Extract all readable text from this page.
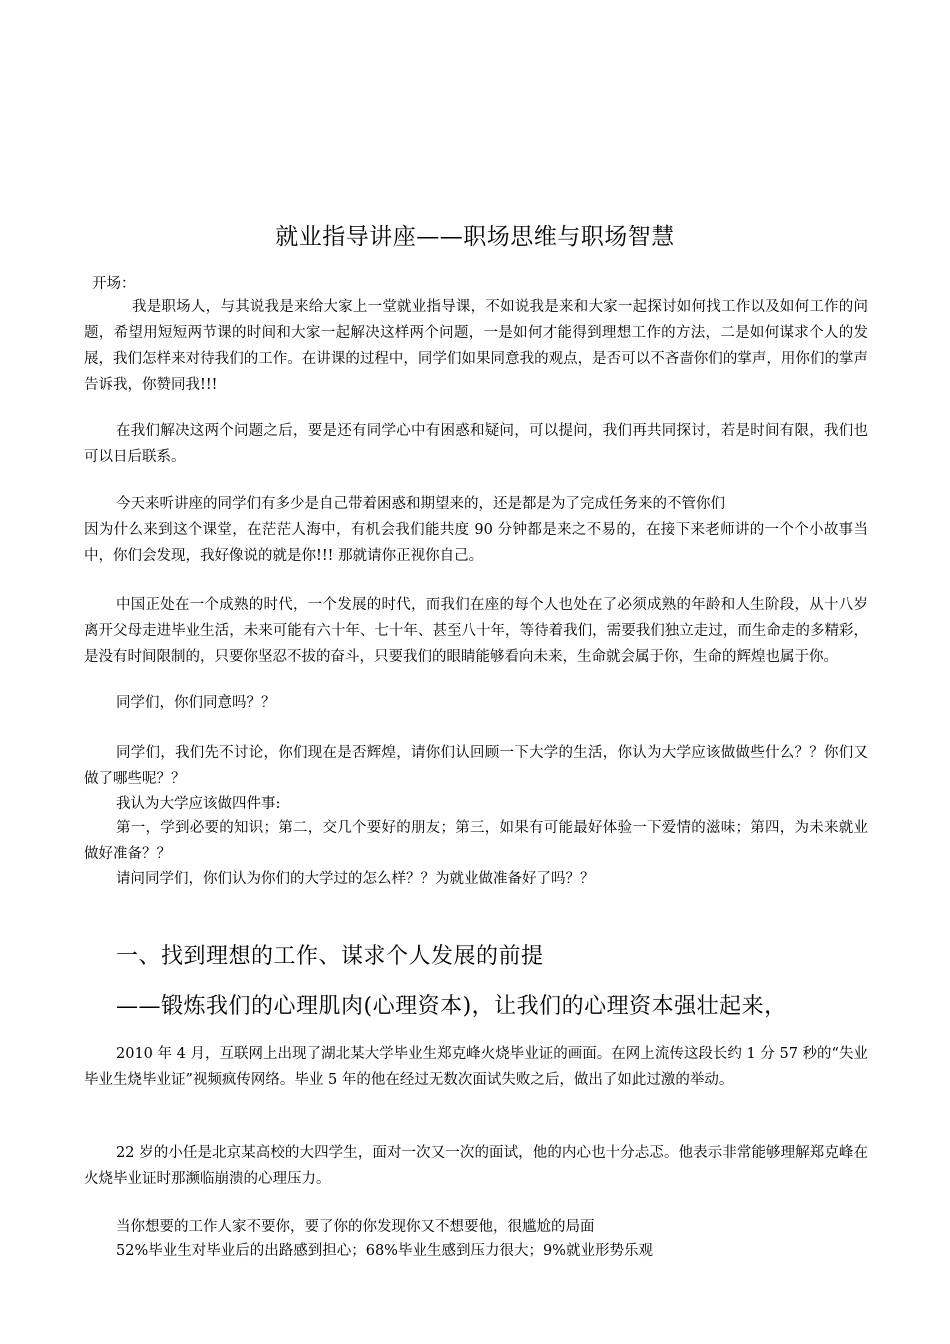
就业指导讲座——职场思维与职场智慧
开场：

我是职场人，与其说我是来给大家上一堂就业指导课，不如说我是来和大家一起探讨如何找工作以及如何工作的问题，希望用短短两节课的时间和大家一起解决这样两个问题，一是如何才能得到理想工作的方法，二是如何谋求个人的发展，我们怎样来对待我们的工作。在讲课的过程中，同学们如果同意我的观点，是否可以不吝啬你们的掌声，用你们的掌声告诉我，你赞同我!!!

在我们解决这两个问题之后，要是还有同学心中有困惑和疑问，可以提问，我们再共同探讨，若是时间有限，我们也可以日后联系。

今天来听讲座的同学们有多少是自己带着困惑和期望来的，还是都是为了完成任务来的不管你们

因为什么来到这个课堂，在茫茫人海中，有机会我们能共度 90 分钟都是来之不易的，在接下来老师讲的一个个小故事当中，你们会发现，我好像说的就是你!!! 那就请你正视你自己。

中国正处在一个成熟的时代，一个发展的时代，而我们在座的每个人也处在了必须成熟的年龄和人生阶段，从十八岁离开父母走进毕业生活，未来可能有六十年、七十年、甚至八十年，等待着我们，需要我们独立走过，而生命走的多精彩，是没有时间限制的，只要你坚忍不拔的奋斗，只要我们的眼睛能够看向未来，生命就会属于你，生命的辉煌也属于你。

同学们，你们同意吗？？

同学们，我们先不讨论，你们现在是否辉煌，请你们认回顾一下大学的生活，你认为大学应该做做些什么？？你们又做了哪些呢？？

我认为大学应该做四件事:

第一，学到必要的知识；第二，交几个要好的朋友；第三，如果有可能最好体验一下爱情的滋味；第四，为未来就业做好准备？？

请问同学们，你们认为你们的大学过的怎么样？？为就业做准备好了吗？？
一、找到理想的工作、谋求个人发展的前提
——锻炼我们的心理肌肉(心理资本)，让我们的心理资本强壮起来，

2010 年 4 月，互联网上出现了湖北某大学毕业生郑克峰火烧毕业证的画面。在网上流传这段长约 1 分 57 秒的“失业毕业生烧毕业证”视频疯传网络。毕业 5 年的他在经过无数次面试失败之后，做出了如此过激的举动。

22 岁的小任是北京某高校的大四学生，面对一次又一次的面试，他的内心也十分忐忑。他表示非常能够理解郑克峰在火烧毕业证时那濒临崩溃的心理压力。

当你想要的工作人家不要你，要了你的你发现你又不想要他，很尴尬的局面
52%毕业生对毕业后的出路感到担心；68%毕业生感到压力很大；9%就业形势乐观
